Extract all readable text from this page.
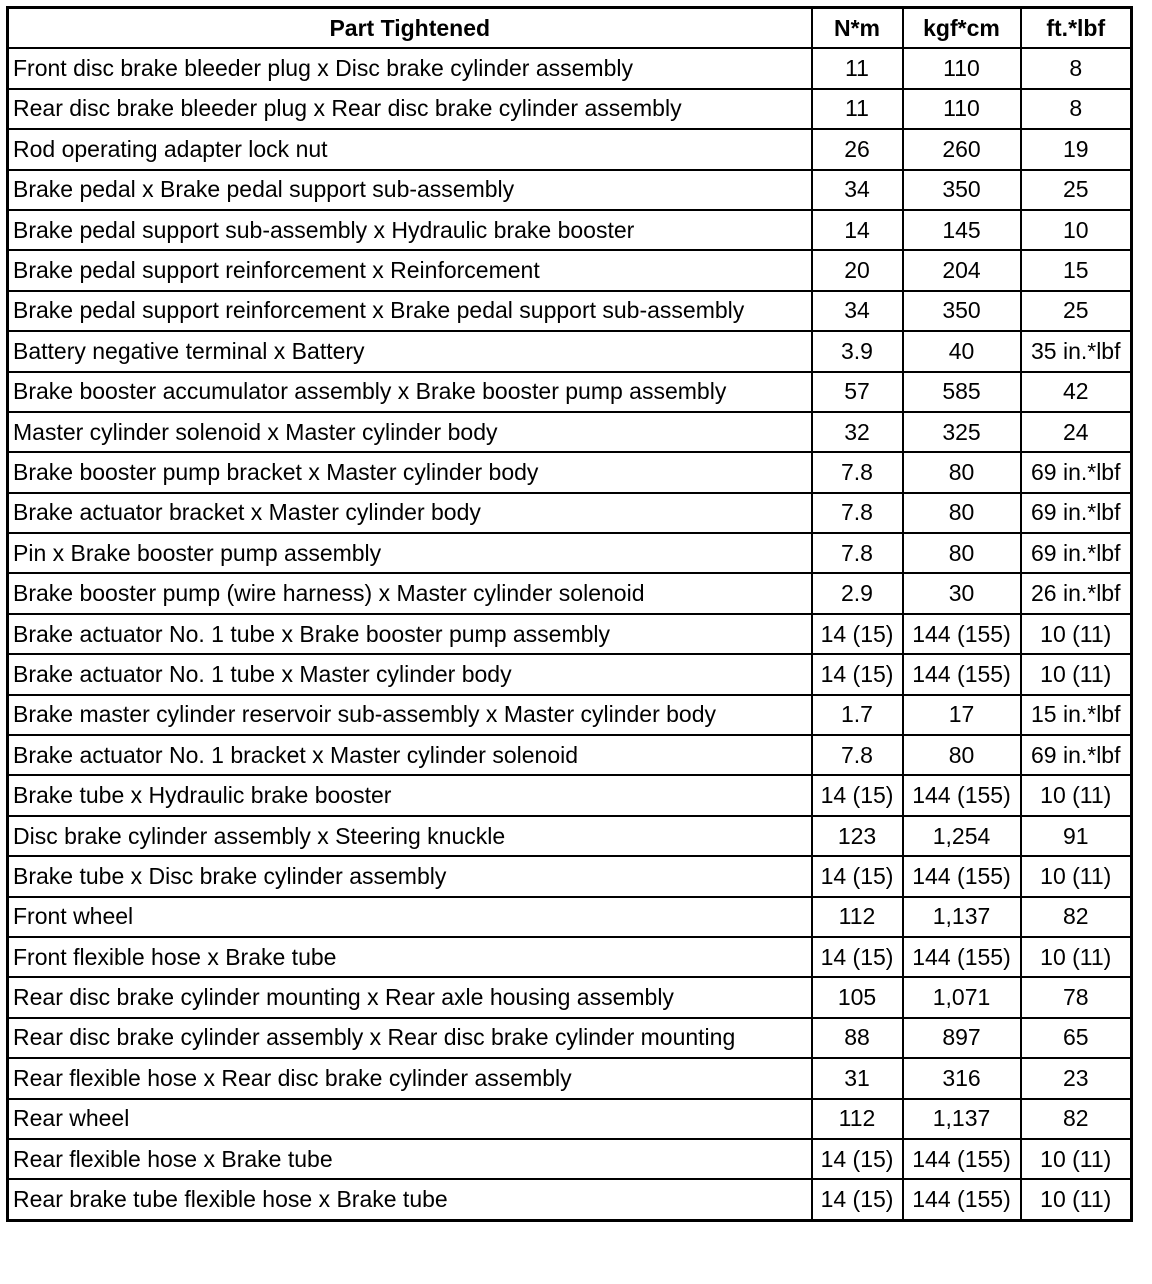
Part Tightened	N*m	kgf*cm	ft.*lbf
Front disc brake bleeder plug x Disc brake cylinder assembly	11	110	8
Rear disc brake bleeder plug x Rear disc brake cylinder assembly	11	110	8
Rod operating adapter lock nut	26	260	19
Brake pedal x Brake pedal support sub-assembly	34	350	25
Brake pedal support sub-assembly x Hydraulic brake booster	14	145	10
Brake pedal support reinforcement x Reinforcement	20	204	15
Brake pedal support reinforcement x Brake pedal support sub-assembly	34	350	25
Battery negative terminal x Battery	3.9	40	35 in.*lbf
Brake booster accumulator assembly x Brake booster pump assembly	57	585	42
Master cylinder solenoid x Master cylinder body	32	325	24
Brake booster pump bracket x Master cylinder body	7.8	80	69 in.*lbf
Brake actuator bracket x Master cylinder body	7.8	80	69 in.*lbf
Pin x Brake booster pump assembly	7.8	80	69 in.*lbf
Brake booster pump (wire harness) x Master cylinder solenoid	2.9	30	26 in.*lbf
Brake actuator No. 1 tube x Brake booster pump assembly	14 (15)	144 (155)	10 (11)
Brake actuator No. 1 tube x Master cylinder body	14 (15)	144 (155)	10 (11)
Brake master cylinder reservoir sub-assembly x Master cylinder body	1.7	17	15 in.*lbf
Brake actuator No. 1 bracket x Master cylinder solenoid	7.8	80	69 in.*lbf
Brake tube x Hydraulic brake booster	14 (15)	144 (155)	10 (11)
Disc brake cylinder assembly x Steering knuckle	123	1,254	91
Brake tube x Disc brake cylinder assembly	14 (15)	144 (155)	10 (11)
Front wheel	112	1,137	82
Front flexible hose x Brake tube	14 (15)	144 (155)	10 (11)
Rear disc brake cylinder mounting x Rear axle housing assembly	105	1,071	78
Rear disc brake cylinder assembly x Rear disc brake cylinder mounting	88	897	65
Rear flexible hose x Rear disc brake cylinder assembly	31	316	23
Rear wheel	112	1,137	82
Rear flexible hose x Brake tube	14 (15)	144 (155)	10 (11)
Rear brake tube flexible hose x Brake tube	14 (15)	144 (155)	10 (11)
